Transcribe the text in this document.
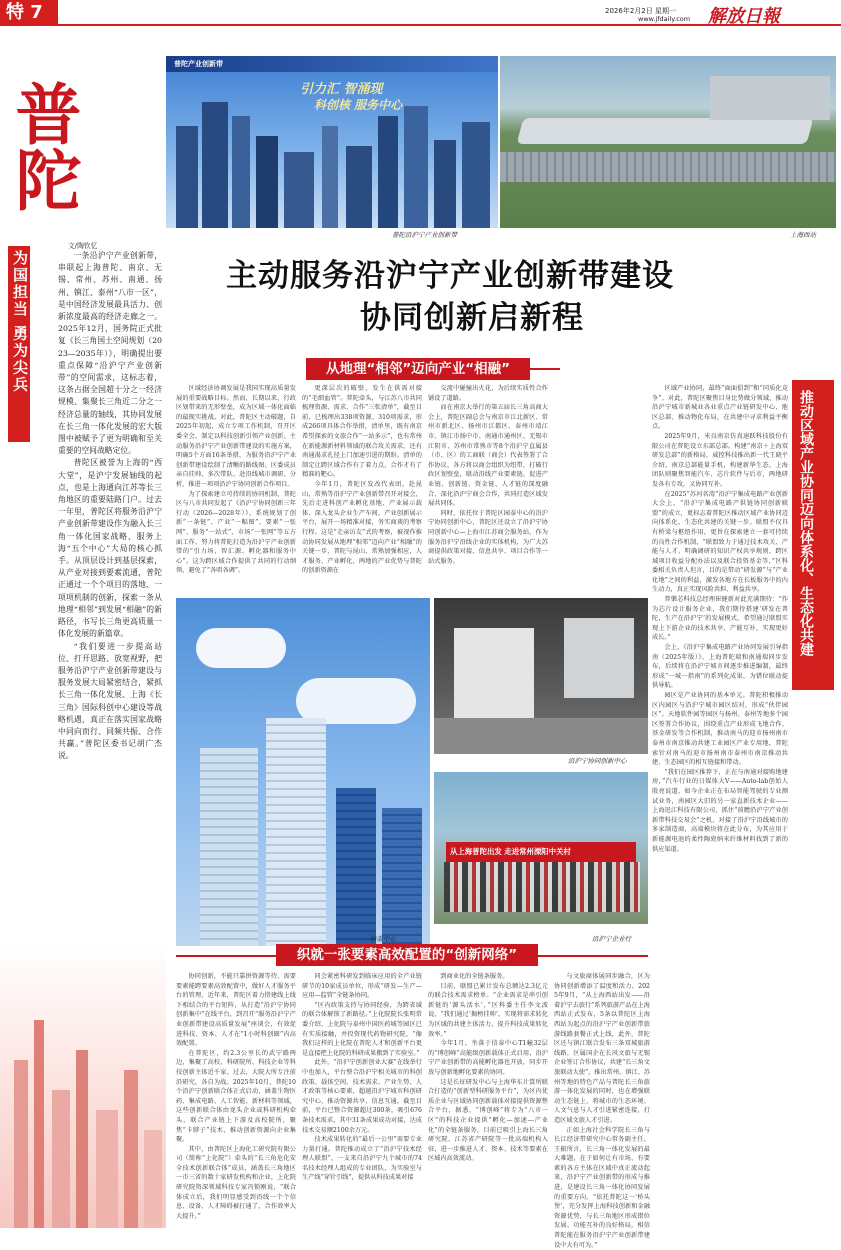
特 7	2026年2月2日 星期一
www.jfdaily.com 解放日報
普陀
为国担当 勇为尖兵
普陀产业创新带
引力汇 智涌现
科创核 服务中心
普陀沿沪宁产业创新带	上海西站
文/陶钦忆
主动服务沿沪宁产业创新带建设
协同创新启新程

一条沿沪宁产业创新带，串联起上海普陀、南京、无锡、常州、苏州、南通、扬州、镇江、泰州“八市一区”，是中国经济发展最具活力、创新浓度最高的经济走廊之一。2025年12月，国务院正式批复《长三角国土空间规划（2023—2035年）》，明确提出要重点保障“沿沪宁产业创新带”的空间需求，这标志着，这条占据全国超十分之一经济规模、集聚长三角近二分之一经济总量的轴线，其协同发展在长三角一体化发展的宏大版图中被赋予了更为明确和至关重要的空间战略定位。

普陀区被誉为上海的“西大堂”，是沪宁发展轴线的起点，也是上海通向江苏等长三角地区的重要陆路门户。过去一年里，普陀区将服务沿沪宁产业创新带建设作为融入长三角一体化国家战略、服务上海“五个中心”大局的核心抓手。从顶层设计到基层探索，从产业对接到要素流通，普陀正通过一个个项目的落地、一项项机制的创新，探索一条从地理“相邻”到发展“相融”的新路径，书写长三角更高质量一体化发展的新篇章。

“我们要进一步提高站位、打开思路、放宽视野，把服务沿沪宁产业创新带建设与服务发展大局紧密结合，紧抓长三角一体化发展、上海《长三角》国际科创中心建设等战略机遇，真正在落实国家战略中同向而行、同频共振、合作共赢。”普陀区委书记胡广杰说。

从地理“相邻”迈向产业“相融”

区域经济协调发展是我国实现高质量发展的重要战略目标。然而，长期以来，行政区划带来的无形壁垒，成为区域一体化面临的最现实挑战。对此，普陀区主动破题，自2025年初起，成立专项工作机制，召开区委全会，制定以科技创新引领产业创新、主动服务沿沪宁产业创新带建设的实施方案，明确5个方面16条举措，为服务沿沪宁产业创新带建设绘制了清晰的路线图。区委成员亲自挂帅、多次带队、赴沿线城市调研、分析，推进一项项沿沪宁协同创新合作项目。

为了探索建立可持续的协同机制，普陀区与八市共同发起了《沿沪宁协同创新三年行动（2026—2028年）》，系统规划了创新“一条链”、产业“一幅图”、要素“一张网”、服务“一站式”、市场“一张网”等五方面工作，努力将普陀打造为沿沪宁产业创新带的“引力场、智汇源、孵化器和服务中心”。这为跨区域合作提供了共同的行动纲领，避免了“各唱各调”。

更深层次的破壁，发生在供需对接的“毛细血管”。普陀牵头，与江苏八市共同梳理资源、需求，合作“三张清单”，截至目前，已梳理出338项资源、310项需求，形成266项具体合作举措，清单里，既有南京希望探索的文旅合作“一站多示”，也有常州在新能源新材料领域的联合攻关需求，还有南通渴求孔径上门加速引进的期盼。清单的制定让跨区域合作有了着力点，合作才有了精准的靶心。

今年1月，普陀区发改代表团，赴昆山、常熟等沿沪宁产业创新带召开对接会，先后走进科创产业孵化基地、产业展示载体、深入龙头企业生产车间，产业创新展示平台，展开一场精准对接，务实商谈的考察行程。这是“走亲访友”式的考察，被视作推动协同发展从地理“相邻”迈向产业“相融”的关键一步，普陀与昆山、常熟加强相应，人才服务、产业孵化，两地的产业优势与普陀的创新资源在

交流中碰撞出火花，为后续实质性合作铺设了道路。

而在南京大举行的第五届长三角高商大会上，普陀区副总会与南京市江北新区、常州市新北区、扬州市江都区、泰州市靖江市、镇江市扬中市、南通市通州区、无锡市江阴市、苏州市常熟市等8个沿沪宁直属县（市、区）的工商联（商会）代表签署了合作协议，各方将以商会组织为纽带，打破行政区划壁垒，联动沿线产业要素链，促进产业链、创新链、资金链、人才链的深度融合，深化沿沪宁商会合作，共同打造区域发展共同体。

同时，依托位于普陀区园泰中心的沿沪宁协同创新中心，普陀区还设立了沿沪宁协同创新中心—上海市江苏商会服务站，作为服务沿沪宁沿线企业的实体机构，为广大苏商提供政策对接、信息共享、项目合作等一站式服务。	推动区域产业协同迈向体系化、生态化共建

区域产业协同，最终“面面俱到”和“同质化竞争”。对此，普陀区聚焦目身比势做分领域，推动沿沪宁城市新城业各业重点产业链研发中心、地区总部、推动物化布局，在共建中寻求利益平衡点。

2025年9月，米良南京仿真速跃科技股份有限公司在普陀设立东部总部。构建“南京＋上海双研发总部”的新格局，威控科技推出新一代王晓平介绍，南京总部能量手机，构建新华生态，上海团队则聚焦智能汽车、芯片软件与后市，两地研发各有专攻，又协同互补。

在2025“苏河名湾”沿沪宁集成电路产业创新大会上，“沿沪宁集成电路产供链协同创新联盟”的成立，更标志着普陀区推动区域产业协同迈向体系化、生态化共建的关键一步。联盟不仅具有桥梁与枢纽作用，更旨在探索建立一套可持续的良性合作机制，“联盟致力于通过技术攻关、产能与人才、明确调研的知识产权共享规则，跨区域项目收益分配办法以及联合投资基金等，”区科委相关负责人坦言，目的是带动“研发源”与“产业化地”之间的利益，激发各地方在长板服务中的内生动力，真正实现风险共担、利益共享。

普樂芯科技总经理崔健新对此充满期待：“作为芯片设计服务企业，我们期待搭建‘研发在普陀，生产在沿沪宁’的发展模式，希望通过联盟实现上下游企业的技术共享、产能互补，实现更好成长。”

会上，《沿沪宁集成电路产业协同发展引导指南（2025年版）》、上海普陀瑞和南通瑞同步发布，后续将在沿沪宁城市间逐步推进编制，最终形成“一城一指南”的系列化成果，为错位联动提供导航。

园区是产业协同的基本单元。普陀积极推动区内园区与沿沪宁城市园区结对，形成“伙伴园区”。天地软件园等园区与扬州、泰州等地多个园区签署合作协议，围绕重点产业形成飞地合作、基金研发等合作机制，推动南马的迎市扬州南市泰州市南京推动共建工业园区产业专用地，普陀索针对南马的迎市扬州南市泰州市南京推动共建、生态园区的相互链接和带动。

“我们在园区推荐下，正在与南通对接购地建房，”汽车行业的日媒体大V——Auto-lab创始人殷亮说道，如今企业正在布局智能驾驶的专业测试业务，南园区大旧的另一家直新技术企业——上海迅江科技有限公司，抓住“前瞻沿沪宁产业创新带科技交易会”之机，对接了沿沪宁沿线城市的多家制造商，高端模块将在此分布，为其应用于新能源电池的柔性陶瓷纳米纤维材料找到了新的供应渠道。

信泰中心
沿沪宁协同创新中心
从上海普陀出发 走进常州溧阳中关村
沿沪宁企业行
织就一张要素高效配置的“创新网络”

协同创新，不能只靠拼资源等待，需要要素能跨要素高效配置中，做好人才服务平台的管理。近年来，普陀区着力搭建线上线下相结合的平台矩阵，从打造“沿沪宁协同创新集中”在线平台，到召开“服务沿沪宁产业创新带建设高质量发展”座谈会，有效促进科技、资本、人才在“1小时科创圈”内高效配置。

在普陀区，约2.3公里长的武宁路两边，集聚了高校、科研院所、科技企业等科技创新主体近千家。过去，大院大所专注前沿研究，各自为战。2025年10月，普陀10个沿沪宁创新联合体正式启动，涵盖生物医药、集成电路、人工智能、新材料等领域，这些创新联合体由龙头企业或科研机构牵头，联合产业链上下游及高校院所，聚焦“卡脖子”技术，推动创新资源向企业集聚。

其中，由普陀区上海化工研究院有限公司（简称“上化院”）牵头的“长三角危化安全技术创新联合体”成员，涵盖长三角地区一市三省的数十家研发机构和企业，上化院研究院资深领域科技专家冯锁刚说，“联合体成立后，我们明显感受到沿线一个个信息、设备、人才障碍被打通了，合作效率大大提升。”

同会紧密科研发到临床应用的全产业链研节的10家成员单位，形成“研发—生产—应用—监管”全链条协同。

“区内政策支持与协同经验，为跨省域的联合体解锁了新路径。”上化院院长张明常委介绍，上化院与泰州中国医药城等园区已有实质接触，并投资现代药物研究院，“像我们这样的上化院在普陀人才和创新平台更是直接把上化院的科研成果搬到了实验室。”

此外，“沿沪宁创新创业大赛”在线举行中也加入，平台整合沿沪宁相关城市的科创政策、载体空间、技术需求、产业生势、人才政策等核心要素，超越沿沪宁城市科创研究中心、推动资源共享、信息互通，截至目前，平台已整合资源超过300条，吸引676条技术需求，其中31条成果成功对接，达成技术交易额2100余万元。

技术成果转化的“最后一公里”需要专业力量打通。普陀推动成立了“沿沪宁技术经理人联盟”，一支来自沿沪宁九个城市的74名技术经理人组成的专业团队，为实验室与生产线“穿针引线”，提供从科技成果对接

到商业化的全链条服务。

目前，联盟已累计发布总额达2.3亿元的联合技术需求榜单。“企业需求是串引创新链的‘源头活水’，”区科委主任李文波说，“我们通过‘揭榜挂帅’，实现将需求转化为区域的共建主体活力，提升科技成果转化效率。”

今年1月，坐落于信泰中心T1幢32层的“博创峰”高能级创新载体正式启用，沿沪宁产业创新带的高能孵化器也开放，同步开放与创新地孵化要素的协同。

这是长征研发中心与上海华东计算所联合打造的“创新型科研服务平台”，为区内优质企业与区域协同创新载体对接提供资源整合平台，据悉，“博创峰”将专为“八市一区”的科技企业提供“孵化—加速—产业化”的全链条服务，目前已吸引上海长三角研究院、江苏省产研院等一批高端机构入驻，进一步推进人才、资本、技术等要素在区域内高效流动。

与文旅商体展同步融合，区为协同创新增添了温度和活力。2025年9月，“从上海西站出发——沿着沪宁去旅行”系列旅游产品在上海西站正式发布，5条以普陀区上海西站为起点的沿沪宁产业创新带旅游线路套餐正式上线，此外，普陀区还与镇江联合发布三条双城旅游线路，区属国企在长风文旅与无锡企业签订合作协议，共建“长三角文旅联动大使”，推出常州、镇江、苏州等地的特色产品与普陀长三角旅游一体化发展的同时，也在增强联动生态链上，将城市的生态环境、人文气息与人才引进紧密连接，打造区域文旅人才引进。

正如上海社会科学院长三角与长江经济带研究中心常务副主任、王振所言，长三角一体化发展的最大难题，在于如何让有市场、有要素的各方主体在区域中真正流动起来，沿沪宁产业创新带的形成与推进，是建设长三角一体化协同发展的重要方向。“依托普陀这一‘桥头堡’，充分发挥上海科技创新和金融资源优势，与长三角地区形成错位发展、功能互补的良好格局，相信普陀能在服务沿沪宁产业创新带建设中大有可为。”
